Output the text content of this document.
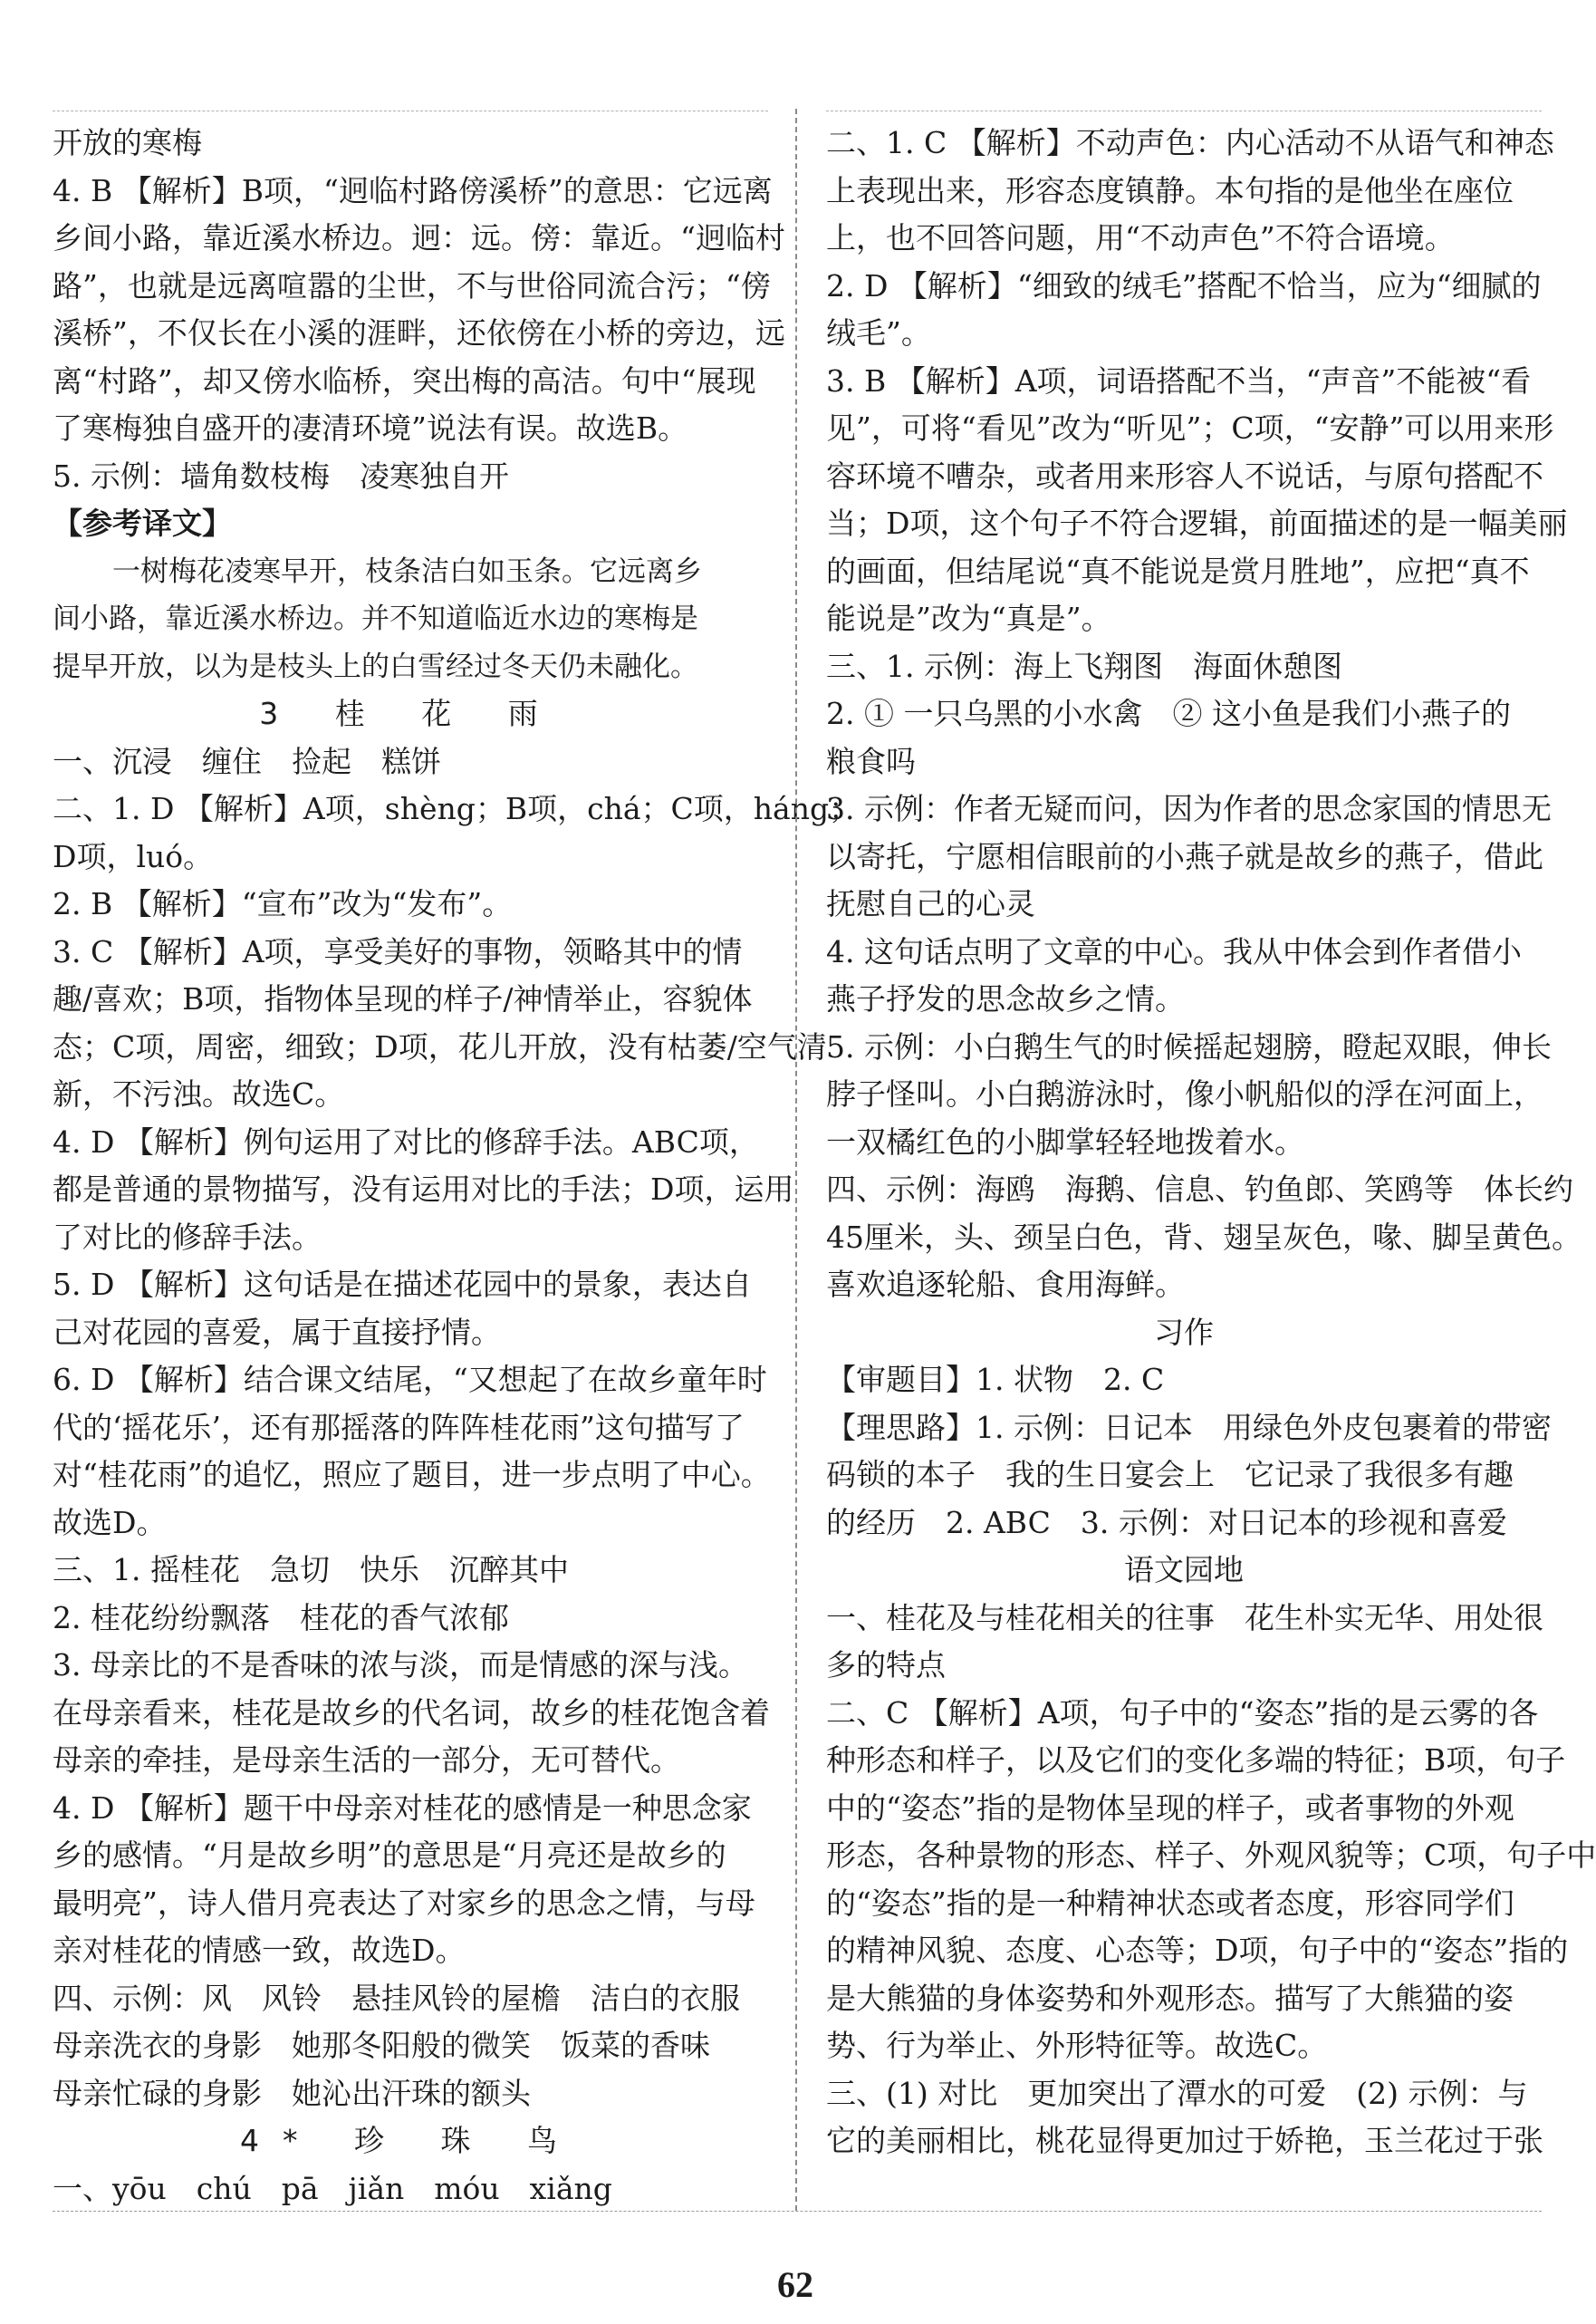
开放的寒梅
4. B 【解析】B项，“迥临村路傍溪桥”的意思：它远离
乡间小路，靠近溪水桥边。迥：远。傍：靠近。“迥临村
路”，也就是远离喧嚣的尘世，不与世俗同流合污；“傍
溪桥”，不仅长在小溪的涯畔，还依傍在小桥的旁边，远
离“村路”，却又傍水临桥，突出梅的高洁。句中“展现
了寒梅独自盛开的凄清环境”说法有误。故选B。
5. 示例：墙角数枝梅　凌寒独自开
【参考译文】
一树梅花凌寒早开，枝条洁白如玉条。它远离乡
间小路，靠近溪水桥边。并不知道临近水边的寒梅是
提早开放，以为是枝头上的白雪经过冬天仍未融化。
3 桂 花 雨
一、沉浸　缠住　捡起　糕饼
二、1. D 【解析】A项，shèng；B项，chá；C项，háng；
D项，luó。
2. B 【解析】“宣布”改为“发布”。
3. C 【解析】A项，享受美好的事物，领略其中的情
趣/喜欢；B项，指物体呈现的样子/神情举止，容貌体
态；C项，周密，细致；D项，花儿开放，没有枯萎/空气清
新，不污浊。故选C。
4. D 【解析】例句运用了对比的修辞手法。ABC项，
都是普通的景物描写，没有运用对比的手法；D项，运用
了对比的修辞手法。
5. D 【解析】这句话是在描述花园中的景象，表达自
己对花园的喜爱，属于直接抒情。
6. D 【解析】结合课文结尾，“又想起了在故乡童年时
代的‘摇花乐’，还有那摇落的阵阵桂花雨”这句描写了
对“桂花雨”的追忆，照应了题目，进一步点明了中心。
故选D。
三、1. 摇桂花　急切　快乐　沉醉其中
2. 桂花纷纷飘落　桂花的香气浓郁
3. 母亲比的不是香味的浓与淡，而是情感的深与浅。
在母亲看来，桂花是故乡的代名词，故乡的桂花饱含着
母亲的牵挂，是母亲生活的一部分，无可替代。
4. D 【解析】题干中母亲对桂花的感情是一种思念家
乡的感情。“月是故乡明”的意思是“月亮还是故乡的
最明亮”，诗人借月亮表达了对家乡的思念之情，与母
亲对桂花的情感一致，故选D。
四、示例：风　风铃　悬挂风铃的屋檐　洁白的衣服
母亲洗衣的身影　她那冬阳般的微笑　饭菜的香味
母亲忙碌的身影　她沁出汗珠的额头
4* 珍 珠 鸟
一、yōu　chú　pā　jiǎn　móu　xiǎng
二、1. C 【解析】不动声色：内心活动不从语气和神态
上表现出来，形容态度镇静。本句指的是他坐在座位
上，也不回答问题，用“不动声色”不符合语境。
2. D 【解析】“细致的绒毛”搭配不恰当，应为“细腻的
绒毛”。
3. B 【解析】A项，词语搭配不当，“声音”不能被“看
见”，可将“看见”改为“听见”；C项，“安静”可以用来形
容环境不嘈杂，或者用来形容人不说话，与原句搭配不
当；D项，这个句子不符合逻辑，前面描述的是一幅美丽
的画面，但结尾说“真不能说是赏月胜地”，应把“真不
能说是”改为“真是”。
三、1. 示例：海上飞翔图　海面休憩图
2. ① 一只乌黑的小水禽　② 这小鱼是我们小燕子的
粮食吗
3. 示例：作者无疑而问，因为作者的思念家国的情思无
以寄托，宁愿相信眼前的小燕子就是故乡的燕子，借此
抚慰自己的心灵
4. 这句话点明了文章的中心。我从中体会到作者借小
燕子抒发的思念故乡之情。
5. 示例：小白鹅生气的时候摇起翅膀，瞪起双眼，伸长
脖子怪叫。小白鹅游泳时，像小帆船似的浮在河面上，
一双橘红色的小脚掌轻轻地拨着水。
四、示例：海鸥　海鹅、信息、钓鱼郎、笑鸥等　体长约
45厘米，头、颈呈白色，背、翅呈灰色，喙、脚呈黄色。
喜欢追逐轮船、食用海鲜。
习作
【审题目】1. 状物　2. C
【理思路】1. 示例：日记本　用绿色外皮包裹着的带密
码锁的本子　我的生日宴会上　它记录了我很多有趣
的经历　2. ABC　3. 示例：对日记本的珍视和喜爱
语文园地
一、桂花及与桂花相关的往事　花生朴实无华、用处很
多的特点
二、C 【解析】A项，句子中的“姿态”指的是云雾的各
种形态和样子，以及它们的变化多端的特征；B项，句子
中的“姿态”指的是物体呈现的样子，或者事物的外观
形态，各种景物的形态、样子、外观风貌等；C项，句子中
的“姿态”指的是一种精神状态或者态度，形容同学们
的精神风貌、态度、心态等；D项，句子中的“姿态”指的
是大熊猫的身体姿势和外观形态。描写了大熊猫的姿
势、行为举止、外形特征等。故选C。
三、(1) 对比　更加突出了潭水的可爱　(2) 示例：与
它的美丽相比，桃花显得更加过于娇艳，玉兰花过于张
62
